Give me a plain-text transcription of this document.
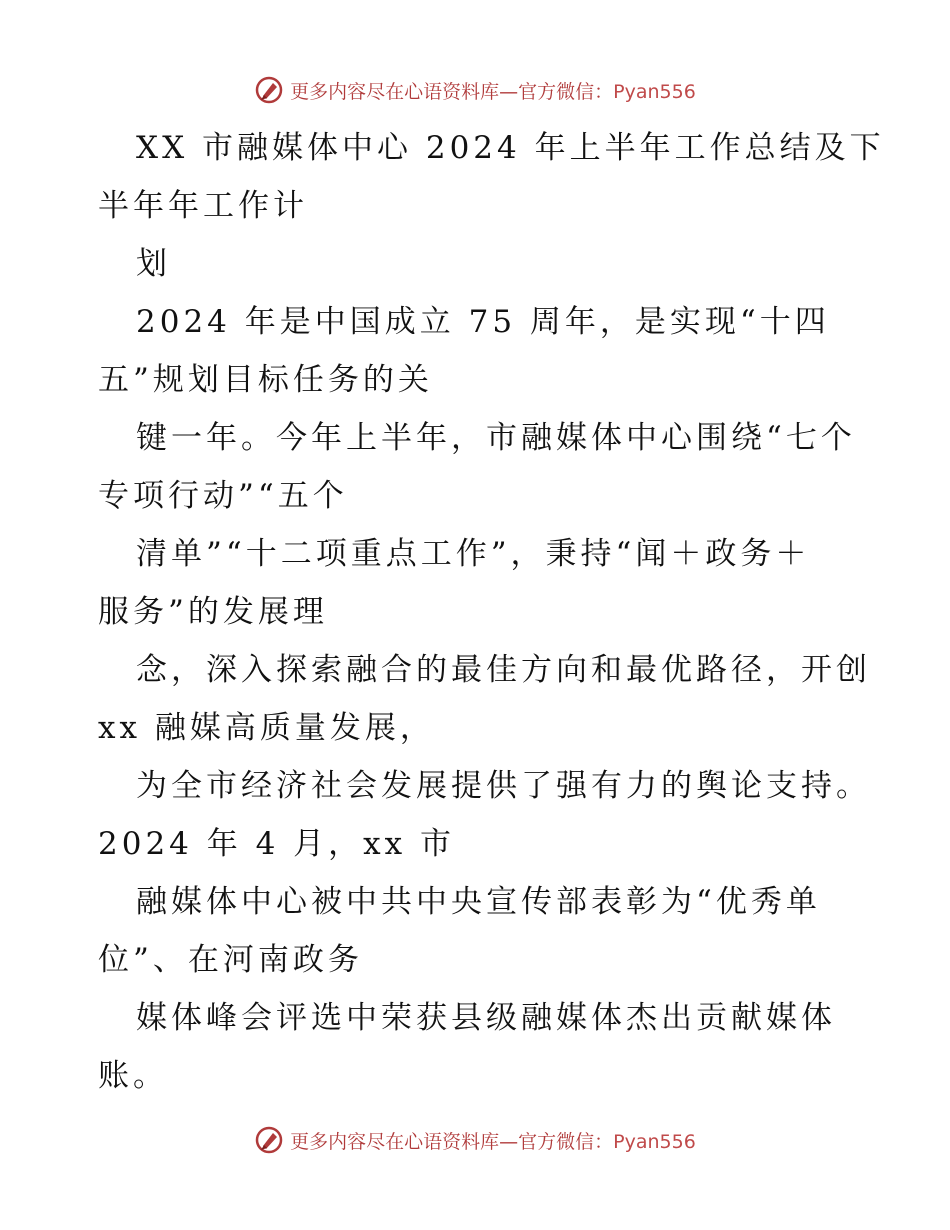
更多内容尽在心语资料库—官方微信：Pyan556
XX 市融媒体中心 2024 年上半年工作总结及下
半年年工作计
划
2024 年是中国成立 75 周年，是实现“十四
五”规划目标任务的关
键一年。今年上半年，市融媒体中心围绕“七个
专项行动”“五个
清单”“十二项重点工作”，秉持“闻＋政务＋
服务”的发展理
念，深入探索融合的最佳方向和最优路径，开创
xx 融媒高质量发展，
为全市经济社会发展提供了强有力的舆论支持。
2024 年 4 月，xx 市
融媒体中心被中共中央宣传部表彰为“优秀单
位”、在河南政务
媒体峰会评选中荣获县级融媒体杰出贡献媒体
账。
更多内容尽在心语资料库—官方微信：Pyan556
